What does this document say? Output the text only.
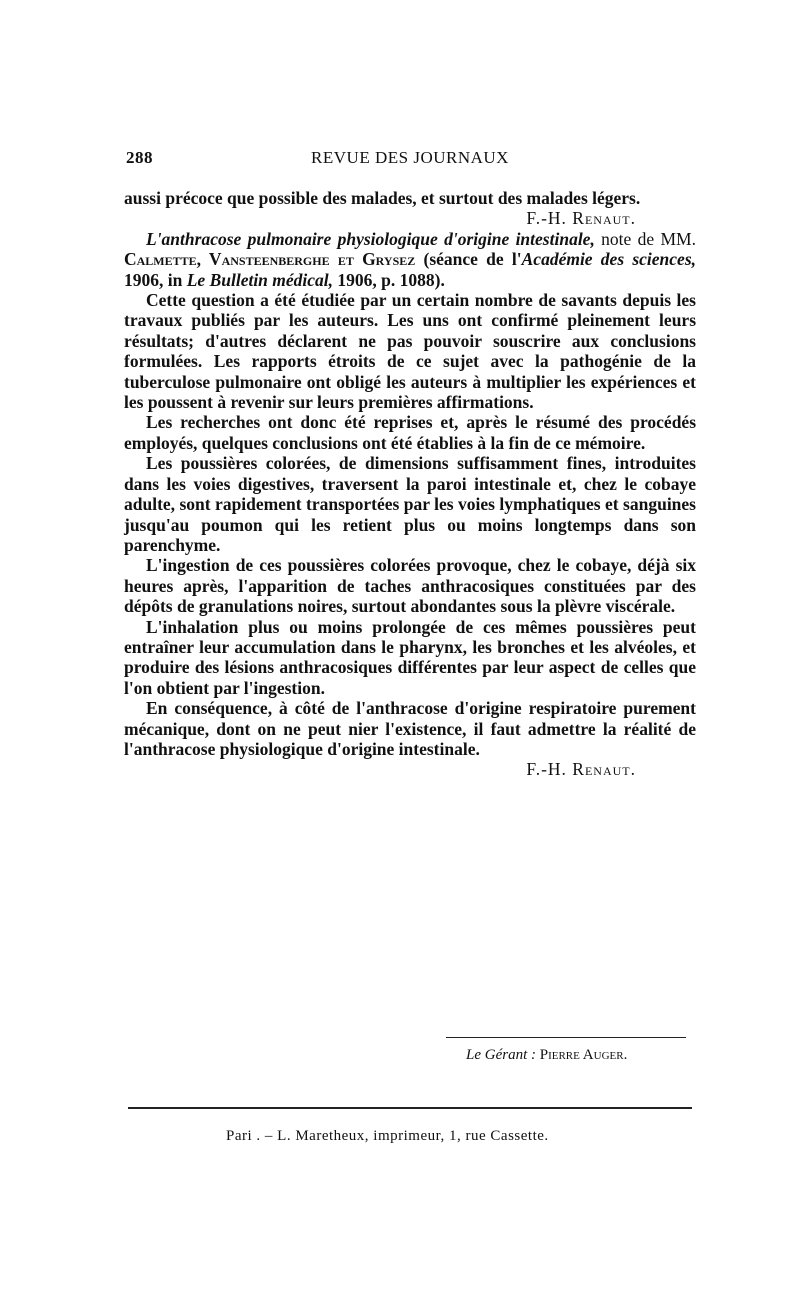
288	REVUE DES JOURNAUX

aussi précoce que possible des malades, et surtout des malades légers.

F.-H. Renaut.

L'anthracose pulmonaire physiologique d'origine intestinale, note de MM. Calmette, Vansteenberghe et Grysez (séance de l'Académie des sciences, 1906, in Le Bulletin médical, 1906, p. 1088).

Cette question a été étudiée par un certain nombre de savants depuis les travaux publiés par les auteurs. Les uns ont confirmé pleinement leurs résultats; d'autres déclarent ne pas pouvoir souscrire aux conclusions formulées. Les rapports étroits de ce sujet avec la pathogénie de la tuberculose pulmonaire ont obligé les auteurs à multiplier les expériences et les poussent à revenir sur leurs premières affirmations.

Les recherches ont donc été reprises et, après le résumé des procédés employés, quelques conclusions ont été établies à la fin de ce mémoire.

Les poussières colorées, de dimensions suffisamment fines, introduites dans les voies digestives, traversent la paroi intestinale et, chez le cobaye adulte, sont rapidement transportées par les voies lymphatiques et sanguines jusqu'au poumon qui les retient plus ou moins longtemps dans son parenchyme.

L'ingestion de ces poussières colorées provoque, chez le cobaye, déjà six heures après, l'apparition de taches anthracosiques constituées par des dépôts de granulations noires, surtout abondantes sous la plèvre viscérale.

L'inhalation plus ou moins prolongée de ces mêmes poussières peut entraîner leur accumulation dans le pharynx, les bronches et les alvéoles, et produire des lésions anthracosiques différentes par leur aspect de celles que l'on obtient par l'ingestion.

En conséquence, à côté de l'anthracose d'origine respiratoire purement mécanique, dont on ne peut nier l'existence, il faut admettre la réalité de l'anthracose physiologique d'origine intestinale.

F.-H. Renaut.

Le Gérant : Pierre Auger.
Pari . – L. Maretheux, imprimeur, 1, rue Cassette.
